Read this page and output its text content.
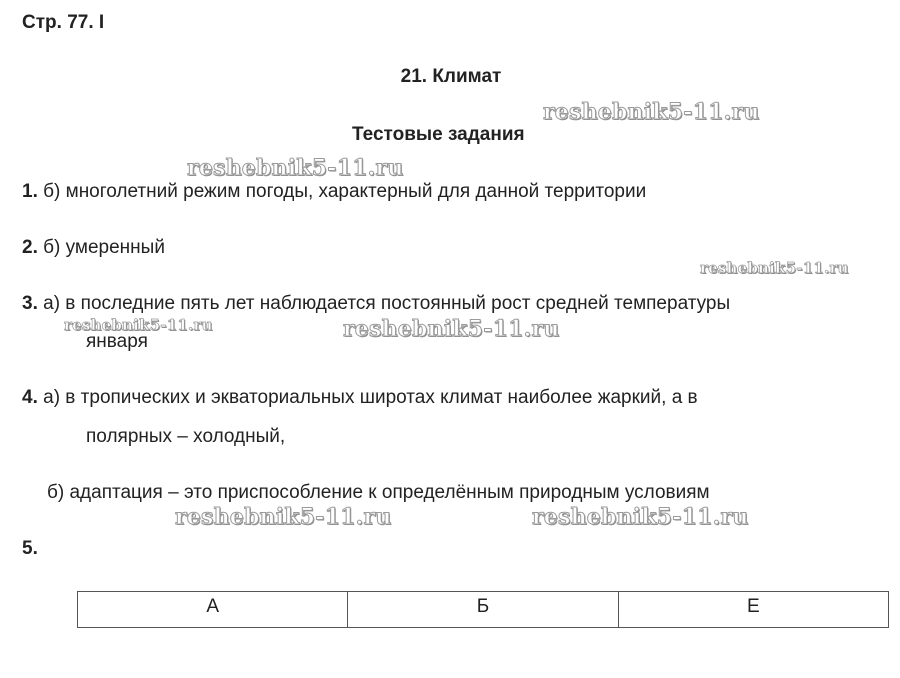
Стр. 77. I
21. Климат
Тестовые задания
1. б) многолетний режим погоды, характерный для данной территории
2. б) умеренный
3. а) в последние пять лет наблюдается постоянный рост средней температуры
января
4. а) в тропических и экваториальных широтах климат наиболее жаркий, а в
полярных – холодный,
б) адаптация – это приспособление к определённым природным условиям
5.
А	Б	Е
reshebnik5-11.ru
reshebnik5-11.ru
reshebnik5-11.ru
reshebnik5-11.ru	reshebnik5-11.ru
reshebnik5-11.ru	reshebnik5-11.ru
